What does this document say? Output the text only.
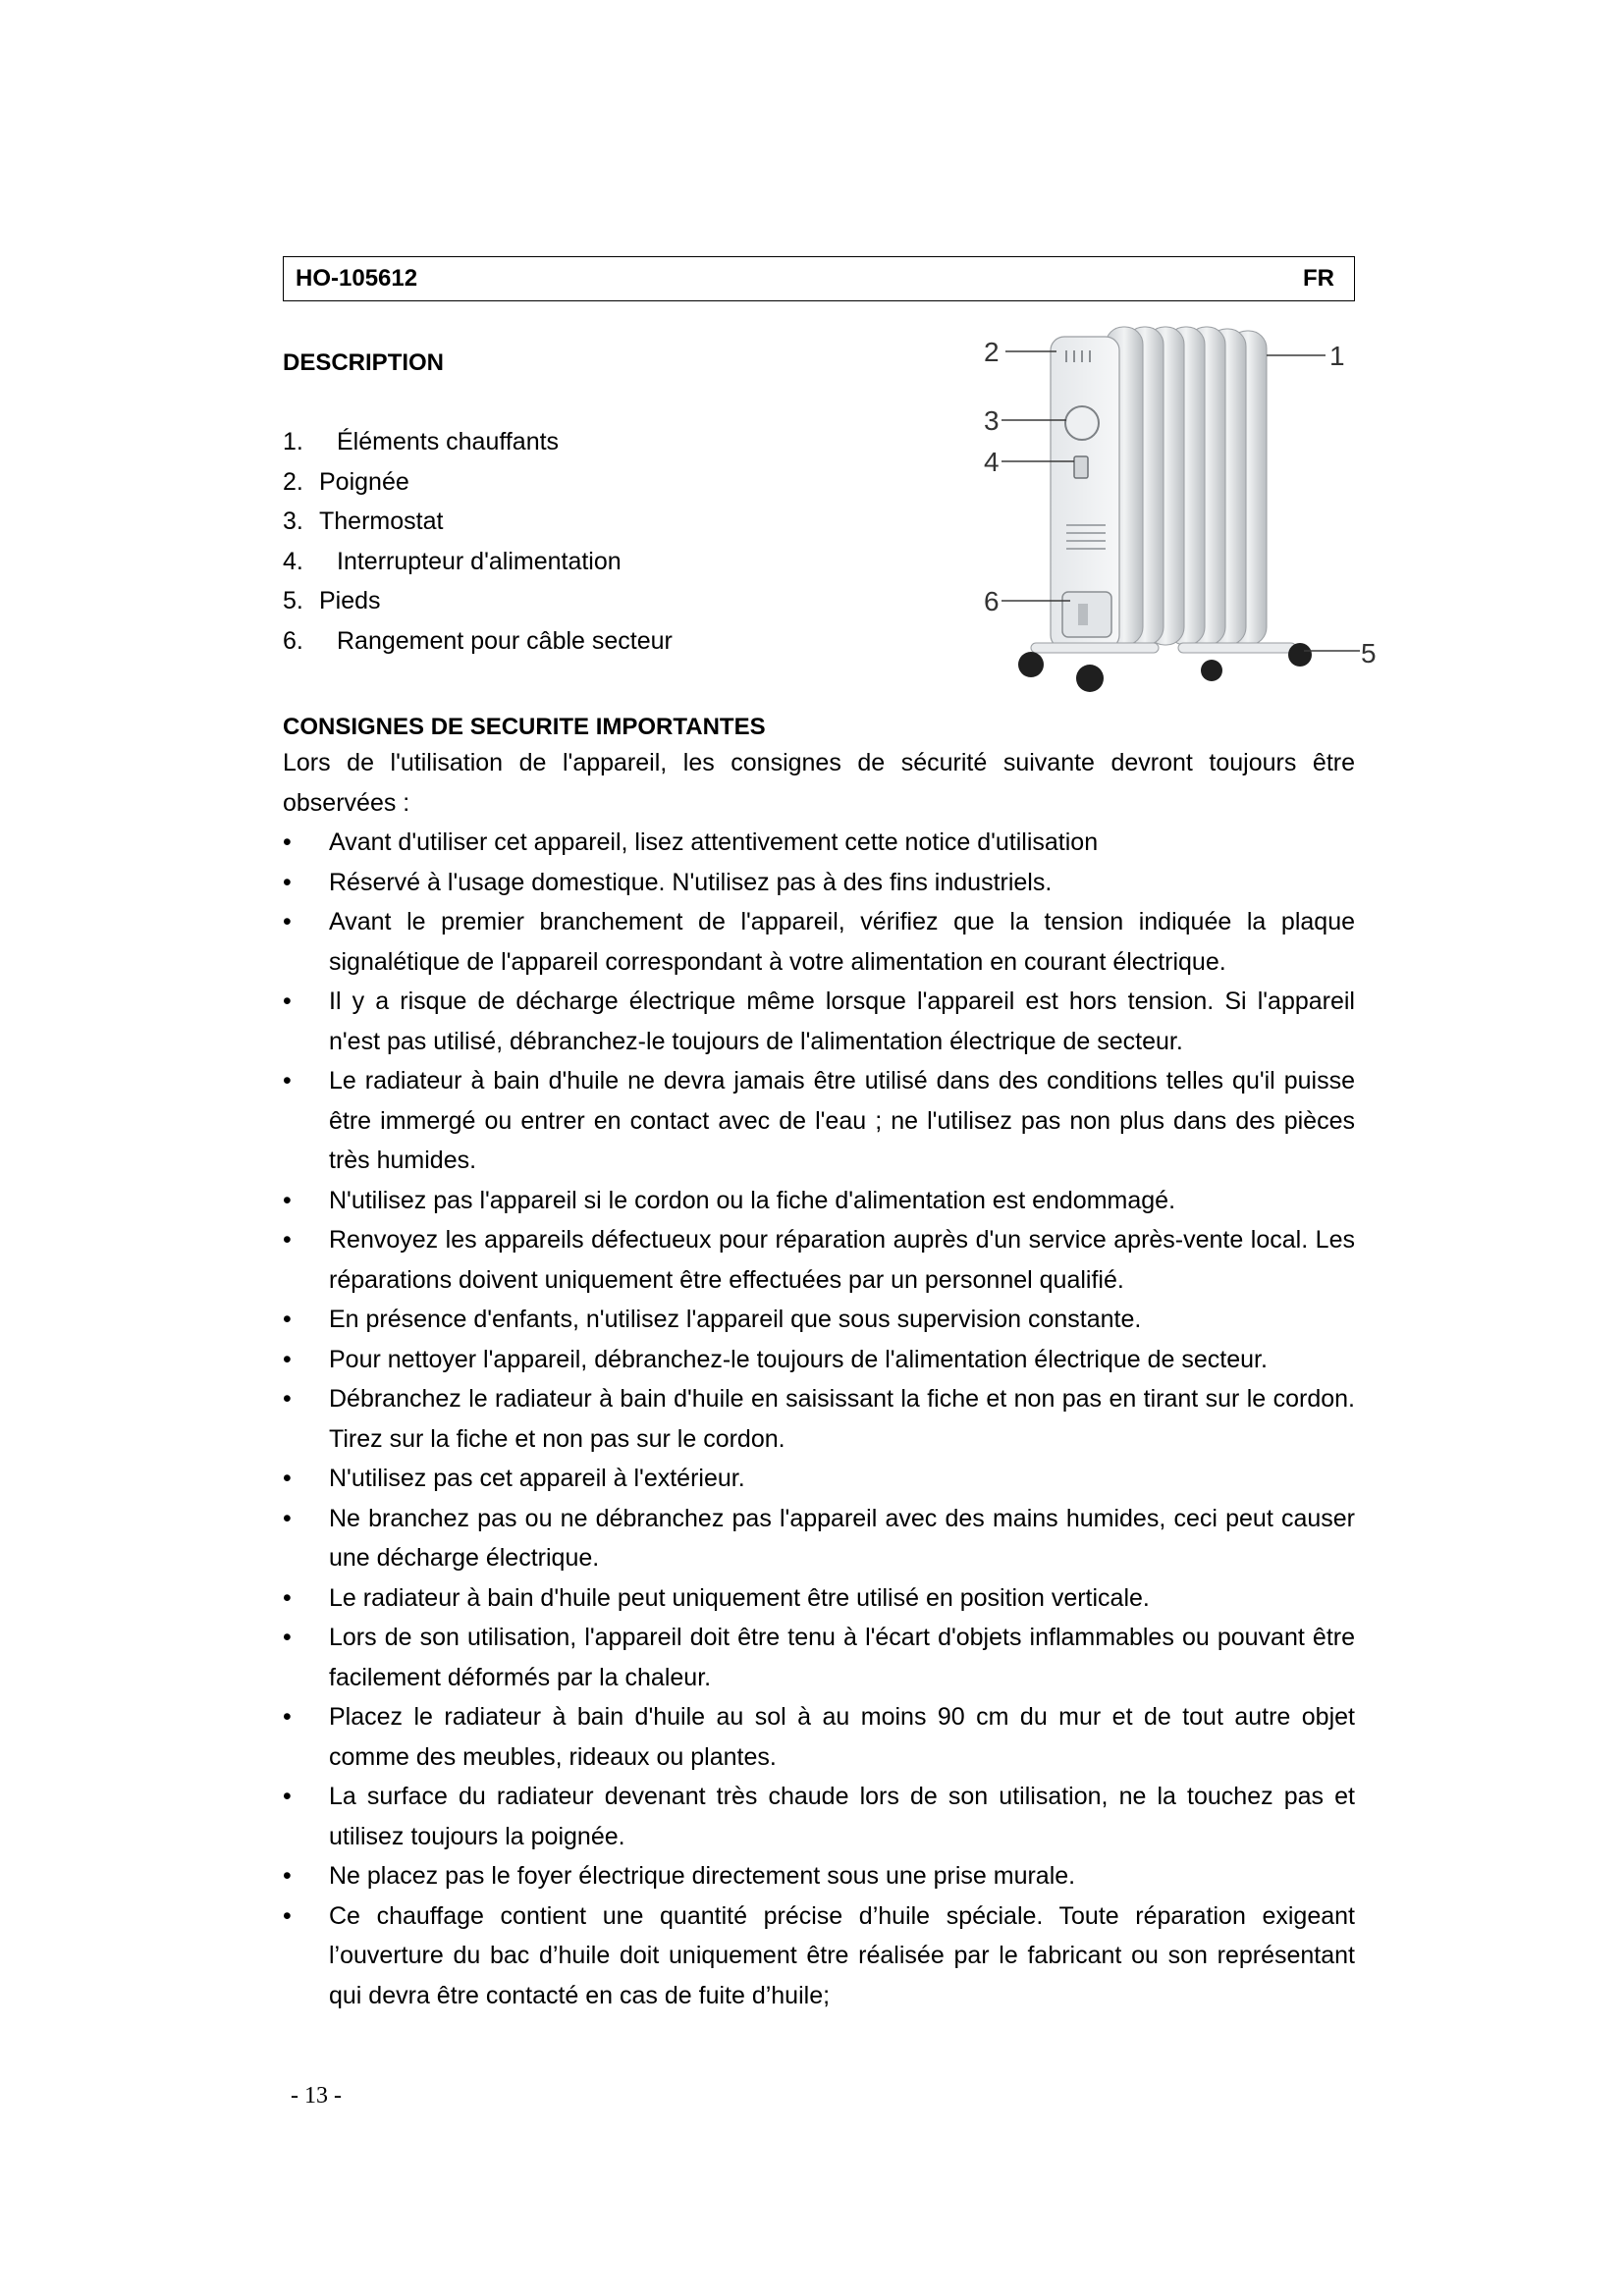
HO-105612	FR
DESCRIPTION
1. Éléments chauffants
2. Poignée
3. Thermostat
4. Interrupteur d'alimentation
5. Pieds
6. Rangement pour câble secteur
1
2
3
4
5
6
CONSIGNES DE SECURITE IMPORTANTES

Lors de l'utilisation de l'appareil, les consignes de sécurité suivante devront toujours être observées :

• Avant d'utiliser cet appareil, lisez attentivement cette notice d'utilisation
• Réservé à l'usage domestique. N'utilisez pas à des fins industriels.
• Avant le premier branchement de l'appareil, vérifiez que la tension indiquée la plaque signalétique de l'appareil correspondant à votre alimentation en courant électrique.
• Il y a risque de décharge électrique même lorsque l'appareil est hors tension. Si l'appareil n'est pas utilisé, débranchez-le toujours de l'alimentation électrique de secteur.
• Le radiateur à bain d'huile ne devra jamais être utilisé dans des conditions telles qu'il puisse être immergé ou entrer en contact avec de l'eau ; ne l'utilisez pas non plus dans des pièces très humides.
• N'utilisez pas l'appareil si le cordon ou la fiche d'alimentation est endommagé.
• Renvoyez les appareils défectueux pour réparation auprès d'un service après-vente local. Les réparations doivent uniquement être effectuées par un personnel qualifié.
• En présence d'enfants, n'utilisez l'appareil que sous supervision constante.
• Pour nettoyer l'appareil, débranchez-le toujours de l'alimentation électrique de secteur.
• Débranchez le radiateur à bain d'huile en saisissant la fiche et non pas en tirant sur le cordon. Tirez sur la fiche et non pas sur le cordon.
• N'utilisez pas cet appareil à l'extérieur.
• Ne branchez pas ou ne débranchez pas l'appareil avec des mains humides, ceci peut causer une décharge électrique.
• Le radiateur à bain d'huile peut uniquement être utilisé en position verticale.
• Lors de son utilisation, l'appareil doit être tenu à l'écart d'objets inflammables ou pouvant être facilement déformés par la chaleur.
• Placez le radiateur à bain d'huile au sol à au moins 90 cm du mur et de tout autre objet comme des meubles, rideaux ou plantes.
• La surface du radiateur devenant très chaude lors de son utilisation, ne la touchez pas et utilisez toujours la poignée.
• Ne placez pas le foyer électrique directement sous une prise murale.
• Ce chauffage contient une quantité précise d’huile spéciale. Toute réparation exigeant l’ouverture du bac d’huile doit uniquement être réalisée par le fabricant ou son représentant qui devra être contacté en cas de fuite d’huile;
- 13 -
